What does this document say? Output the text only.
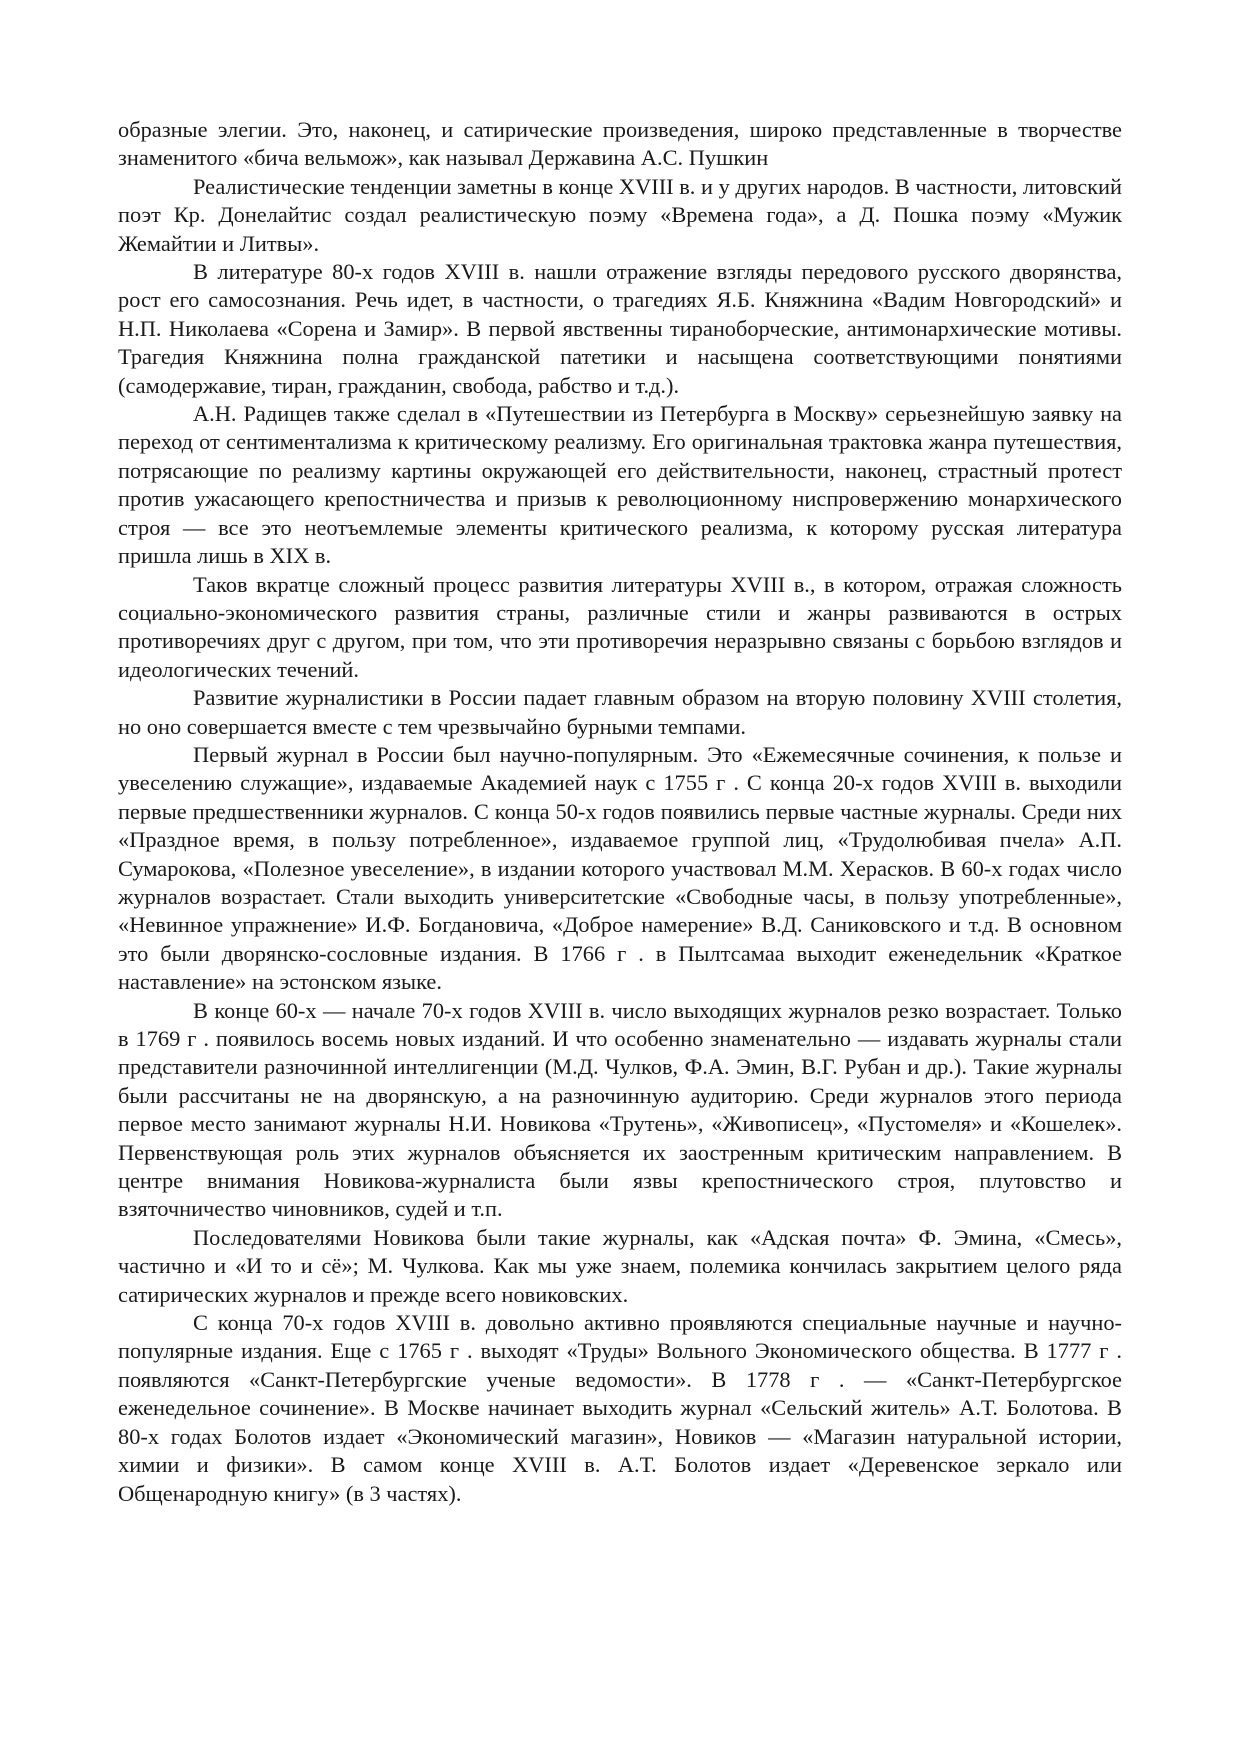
образные элегии. Это, наконец, и сатирические произведения, широко представленные в творчестве знаменитого «бича вельмож», как называл Державина А.С. Пушкин

Реалистические тенденции заметны в конце XVIII в. и у других народов. В частности, литовский поэт Кр. Донелайтис создал реалистическую поэму «Времена года», а Д. Пошка поэму «Мужик Жемайтии и Литвы».

В литературе 80-х годов XVIII в. нашли отражение взгляды передового русского дворянства, рост его самосознания. Речь идет, в частности, о трагедиях Я.Б. Княжнина «Вадим Новгородский» и Н.П. Николаева «Сорена и Замир». В первой явственны тираноборческие, антимонархические мотивы. Трагедия Княжнина полна гражданской патетики и насыщена соответствующими понятиями (самодержавие, тиран, гражданин, свобода, рабство и т.д.).

А.Н. Радищев также сделал в «Путешествии из Петербурга в Москву» серьезнейшую заявку на переход от сентиментализма к критическому реализму. Его оригинальная трактовка жанра путешествия, потрясающие по реализму картины окружающей его действительности, наконец, страстный протест против ужасающего крепостничества и призыв к революционному ниспровержению монархического строя — все это неотъемлемые элементы критического реализма, к которому русская литература пришла лишь в XIX в.

Таков вкратце сложный процесс развития литературы XVIII в., в котором, отражая сложность социально-экономического развития страны, различные стили и жанры развиваются в острых противоречиях друг с другом, при том, что эти противоречия неразрывно связаны с борьбою взглядов и идеологических течений.

Развитие журналистики в России падает главным образом на вторую половину XVIII столетия, но оно совершается вместе с тем чрезвычайно бурными темпами.

Первый журнал в России был научно-популярным. Это «Ежемесячные сочинения, к пользе и увеселению служащие», издаваемые Академией наук с 1755 г . С конца 20-х годов XVIII в. выходили первые предшественники журналов. С конца 50-х годов появились первые частные журналы. Среди них «Праздное время, в пользу потребленное», издаваемое группой лиц, «Трудолюбивая пчела» А.П. Сумарокова, «Полезное увеселение», в издании которого участвовал М.М. Херасков. В 60-х годах число журналов возрастает. Стали выходить университетские «Свободные часы, в пользу употребленные», «Невинное упражнение» И.Ф. Богдановича, «Доброе намерение» В.Д. Саниковского и т.д. В основном это были дворянско-сословные издания. В 1766 г . в Пылтсамаа выходит еженедельник «Краткое наставление» на эстонском языке.

В конце 60-х — начале 70-х годов XVIII в. число выходящих журналов резко возрастает. Только в 1769 г . появилось восемь новых изданий. И что особенно знаменательно — издавать журналы стали представители разночинной интеллигенции (М.Д. Чулков, Ф.А. Эмин, В.Г. Рубан и др.). Такие журналы были рассчитаны не на дворянскую, а на разночинную аудиторию. Среди журналов этого периода первое место занимают журналы Н.И. Новикова «Трутень», «Живописец», «Пустомеля» и «Кошелек». Первенствующая роль этих журналов объясняется их заостренным критическим направлением. В центре внимания Новикова-журналиста были язвы крепостнического строя, плутовство и взяточничество чиновников, судей и т.п.

Последователями Новикова были такие журналы, как «Адская почта» Ф. Эмина, «Смесь», частично и «И то и сё»; М. Чулкова. Как мы уже знаем, полемика кончилась закрытием целого ряда сатирических журналов и прежде всего новиковских.

С конца 70-х годов XVIII в. довольно активно проявляются специальные научные и научно-популярные издания. Еще с 1765 г . выходят «Труды» Вольного Экономического общества. В 1777 г . появляются «Санкт-Петербургские ученые ведомости». В 1778 г . — «Санкт-Петербургское еженедельное сочинение». В Москве начинает выходить журнал «Сельский житель» А.Т. Болотова. В 80-х годах Болотов издает «Экономический магазин», Новиков — «Магазин натуральной истории, химии и физики». В самом конце XVIII в. А.Т. Болотов издает «Деревенское зеркало или Общенародную книгу» (в 3 частях).
